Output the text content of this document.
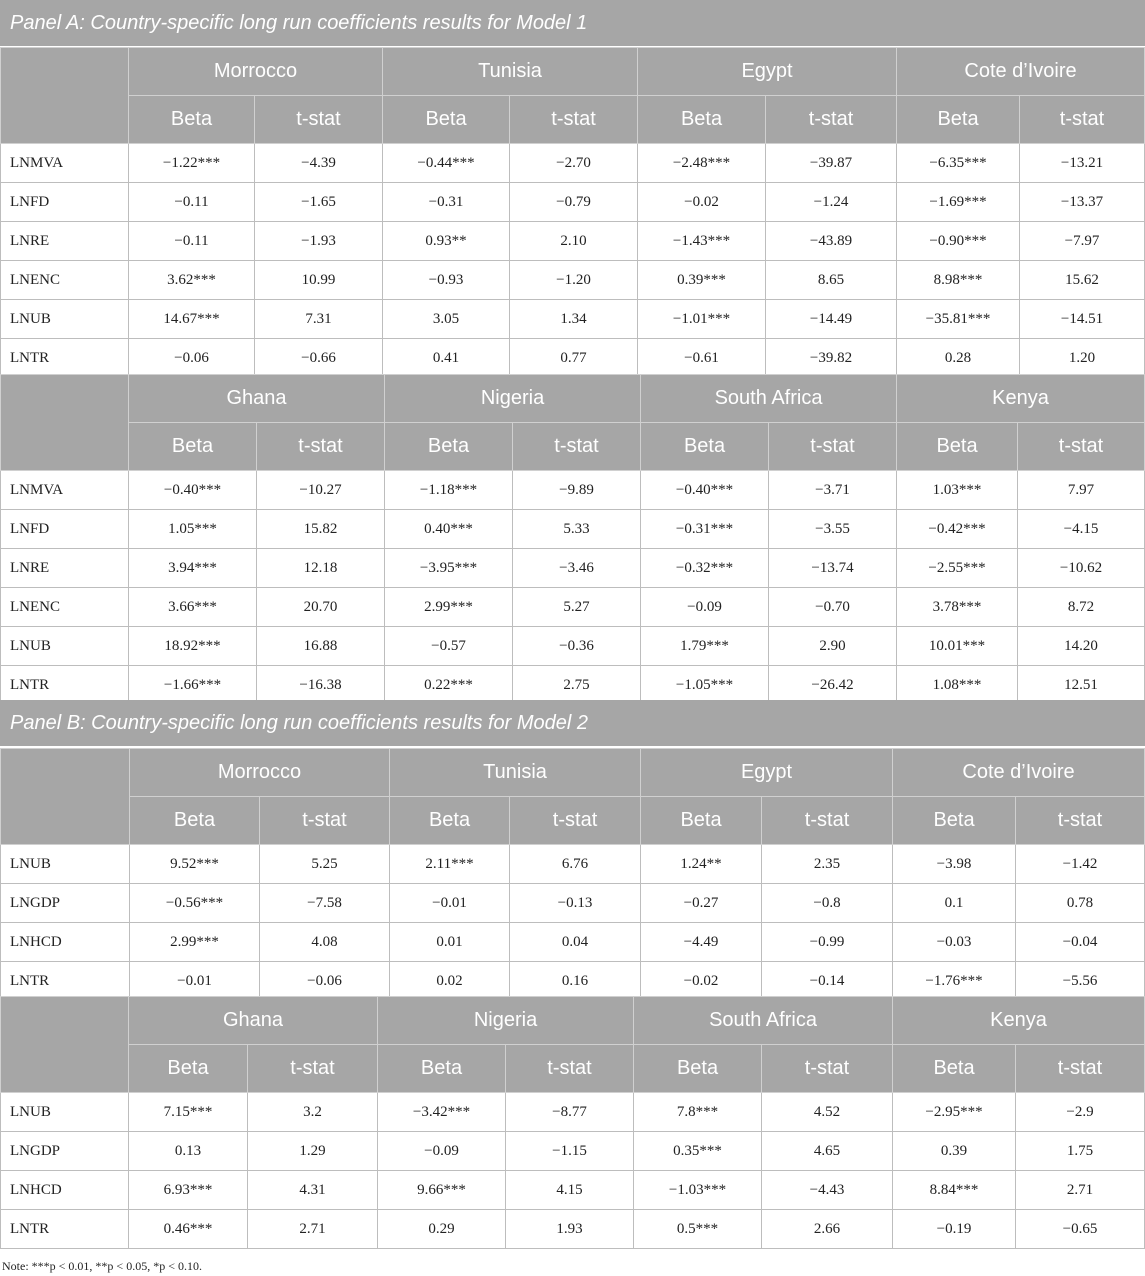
Panel A: Country-specific long run coefficients results for Model 1
	Morrocco		Tunisia		Egypt		Cote d’Ivoire	
	Beta	t-stat	Beta	t-stat	Beta	t-stat	Beta	t-stat
LNMVA	−1.22***	−4.39	−0.44***	−2.70	−2.48***	−39.87	−6.35***	−13.21
LNFD	−0.11	−1.65	−0.31	−0.79	−0.02	−1.24	−1.69***	−13.37
LNRE	−0.11	−1.93	0.93**	2.10	−1.43***	−43.89	−0.90***	−7.97
LNENC	3.62***	10.99	−0.93	−1.20	0.39***	8.65	8.98***	15.62
LNUB	14.67***	7.31	3.05	1.34	−1.01***	−14.49	−35.81***	−14.51
LNTR	−0.06	−0.66	0.41	0.77	−0.61	−39.82	0.28	1.20
	Ghana		Nigeria		South Africa		Kenya	
	Beta	t-stat	Beta	t-stat	Beta	t-stat	Beta	t-stat
LNMVA	−0.40***	−10.27	−1.18***	−9.89	−0.40***	−3.71	1.03***	7.97
LNFD	1.05***	15.82	0.40***	5.33	−0.31***	−3.55	−0.42***	−4.15
LNRE	3.94***	12.18	−3.95***	−3.46	−0.32***	−13.74	−2.55***	−10.62
LNENC	3.66***	20.70	2.99***	5.27	−0.09	−0.70	3.78***	8.72
LNUB	18.92***	16.88	−0.57	−0.36	1.79***	2.90	10.01***	14.20
LNTR	−1.66***	−16.38	0.22***	2.75	−1.05***	−26.42	1.08***	12.51
Panel B: Country-specific long run coefficients results for Model 2
	Morrocco		Tunisia		Egypt		Cote d’Ivoire	
	Beta	t-stat	Beta	t-stat	Beta	t-stat	Beta	t-stat
LNUB	9.52***	5.25	2.11***	6.76	1.24**	2.35	−3.98	−1.42
LNGDP	−0.56***	−7.58	−0.01	−0.13	−0.27	−0.8	0.1	0.78
LNHCD	2.99***	4.08	0.01	0.04	−4.49	−0.99	−0.03	−0.04
LNTR	−0.01	−0.06	0.02	0.16	−0.02	−0.14	−1.76***	−5.56
	Ghana		Nigeria		South Africa		Kenya	
	Beta	t-stat	Beta	t-stat	Beta	t-stat	Beta	t-stat
LNUB	7.15***	3.2	−3.42***	−8.77	7.8***	4.52	−2.95***	−2.9
LNGDP	0.13	1.29	−0.09	−1.15	0.35***	4.65	0.39	1.75
LNHCD	6.93***	4.31	9.66***	4.15	−1.03***	−4.43	8.84***	2.71
LNTR	0.46***	2.71	0.29	1.93	0.5***	2.66	−0.19	−0.65
Note: ***p < 0.01, **p < 0.05, *p < 0.10.
